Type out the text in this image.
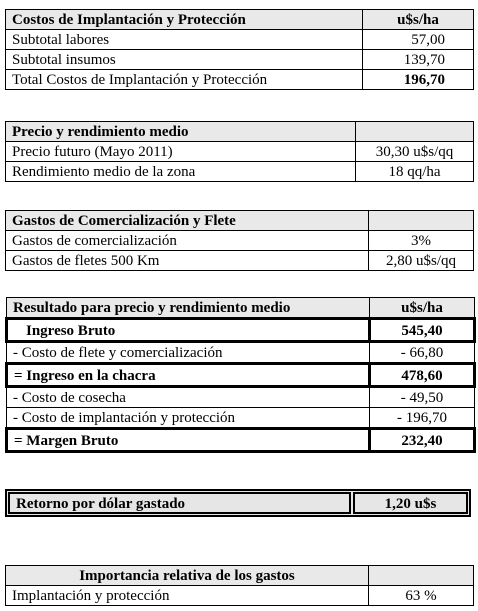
Costos de Implantación y Protección	u$s/ha
Subtotal labores	57,00
Subtotal insumos	139,70
Total Costos de Implantación y Protección	196,70
Precio y rendimiento medio	
Precio futuro (Mayo 2011)	30,30 u$s/qq
Rendimiento medio de la zona	18 qq/ha
Gastos de Comercialización y Flete	
Gastos de comercialización	3%
Gastos de fletes 500 Km	2,80 u$s/qq
Resultado para precio y rendimiento medio	u$s/ha
Ingreso Bruto	545,40
- Costo de flete y comercialización	- 66,80
= Ingreso en la chacra	478,60
- Costo de cosecha	- 49,50
- Costo de implantación y protección	- 196,70
= Margen Bruto	232,40
Retorno por dólar gastado	1,20 u$s
Importancia relativa de los gastos	
Implantación y protección	63 %
